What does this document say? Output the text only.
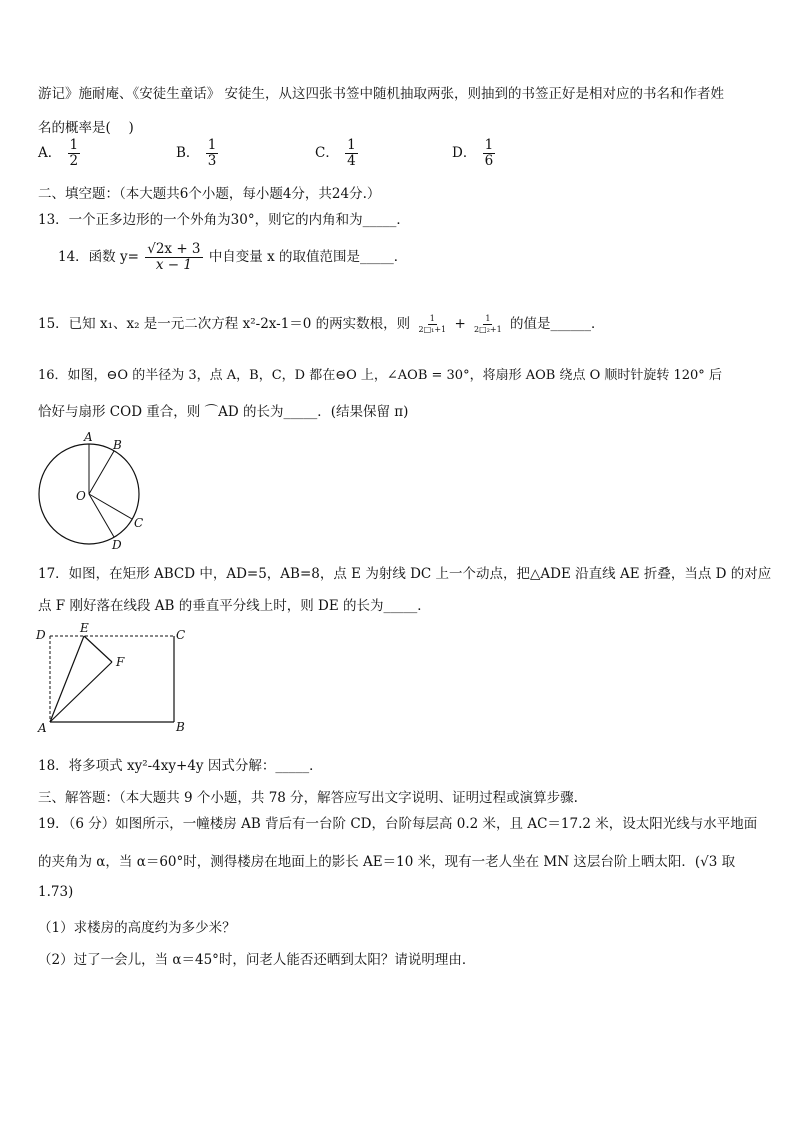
游记》施耐庵、《安徒生童话》 安徒生，从这四张书签中随机抽取两张，则抽到的书签正好是相对应的书名和作者姓
名的概率是(　 )
A． $\frac{1}{2}$	B． $\frac{1}{3}$	C． $\frac{1}{4}$	D． $\frac{1}{6}$
二、填空题：（本大题共6个小题，每小题4分，共24分.）
13．一个正多边形的一个外角为30°，则它的内角和为_____．
14．函数 $y= \frac{√2x + 3}{x - 1}$ 中自变量 x 的取值范围是_____．
15．已知 x₁、x₂ 是一元二次方程 x²-2x-1＝0 的两实数根，则 $\frac{1}{\text{2□₁+1}} + \frac{1}{\text{2□₂+1}}$ 的值是______．
16．如图，⊖O 的半径为 3，点 A，B，C，D 都在⊖O 上，∠AOB = 30°，将扇形 AOB 绕点 O 顺时针旋转 120° 后
恰好与扇形 COD 重合，则 ⌒AD 的长为_____．(结果保留 π)
A
B
O
C
D
17．如图，在矩形 ABCD 中，AD=5，AB=8，点 E 为射线 DC 上一个动点，把△ADE 沿直线 AE 折叠，当点 D 的对应
点 F 刚好落在线段 AB 的垂直平分线上时，则 DE 的长为_____．
D	E	C
F
A	B
18．将多项式 xy²-4xy+4y 因式分解：_____．
三、解答题：（本大题共 9 个小题，共 78 分，解答应写出文字说明、证明过程或演算步骤.
19．（6 分）如图所示，一幢楼房 AB 背后有一台阶 CD，台阶每层高 0.2 米，且 AC＝17.2 米，设太阳光线与水平地面
的夹角为 α，当 α＝60°时，测得楼房在地面上的影长 AE＝10 米，现有一老人坐在 MN 这层台阶上晒太阳．(√3 取
1.73)
（1）求楼房的高度约为多少米？
（2）过了一会儿，当 α＝45°时，问老人能否还晒到太阳？请说明理由．
